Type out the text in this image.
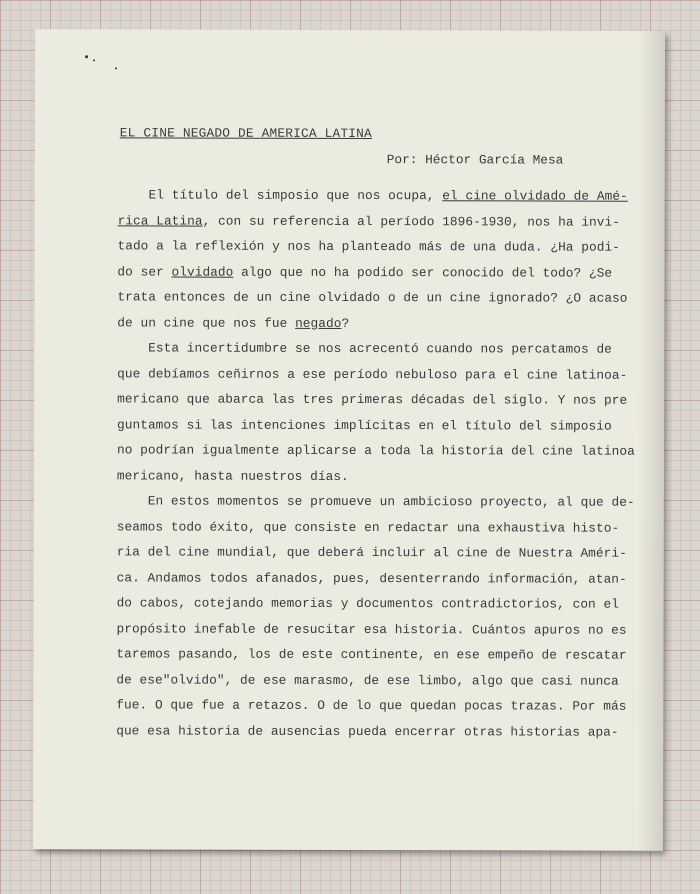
EL CINE NEGADO DE AMERICA LATINA
Por: Héctor García Mesa
El título del simposio que nos ocupa, el cine olvidado de Amé-
rica Latina, con su referencia al período 1896-1930, nos ha invi-
tado a la reflexión y nos ha planteado más de una duda. ¿Ha podi-
do ser olvidado algo que no ha podido ser conocido del todo? ¿Se
trata entonces de un cine olvidado o de un cine ignorado? ¿O acaso
de un cine que nos fue negado?
Esta incertidumbre se nos acrecentó cuando nos percatamos de
que debíamos ceñirnos a ese período nebuloso para el cine latinoa-
mericano que abarca las tres primeras décadas del siglo. Y nos pre
guntamos si las intenciones implícitas en el título del simposio
no podrían igualmente aplicarse a toda la historia del cine latinoa
mericano, hasta nuestros días.
En estos momentos se promueve un ambicioso proyecto, al que de-
seamos todo éxito, que consiste en redactar una exhaustiva histo-
ria del cine mundial, que deberá incluir al cine de Nuestra Améri-
ca. Andamos todos afanados, pues, desenterrando información, atan-
do cabos, cotejando memorias y documentos contradictorios, con el
propósito inefable de resucitar esa historia. Cuántos apuros no es
taremos pasando, los de este continente, en ese empeño de rescatar
de ese"olvido", de ese marasmo, de ese limbo, algo que casi nunca
fue. O que fue a retazos. O de lo que quedan pocas trazas. Por más
que esa historia de ausencias pueda encerrar otras historias apa-
